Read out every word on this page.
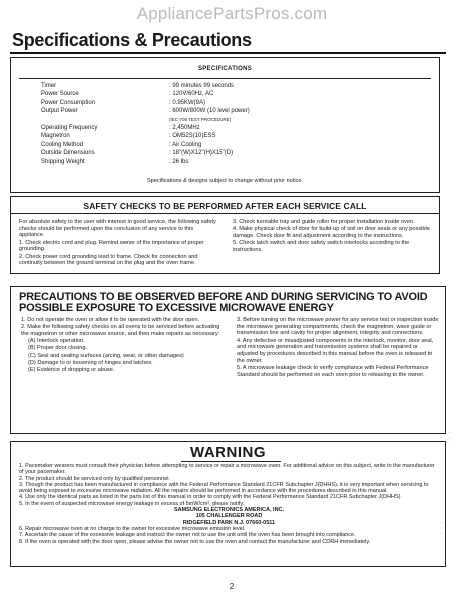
AppliancePartsPros.com
Specifications & Precautions
SPECIFICATIONS
Timer	: 99 minutes 99 seconds
Power Source	: 120V/60Hz, AC
Power Consumption	: 0.95KW(9A)
Output Power	: 600W/800W (10 level power)
(IEC-705 TEST PROCEDURE)
Operating Frequency	: 2,450MHz
Magnetron	: OM52S(10)ESS
Cooling Method	: Air Cooling
Outside Dimensions	: 18"(W)X12"(H)X15"(D)
Shipping Weight	: 26 lbs
Specifications & designs subject to change without prior notice.
SAFETY CHECKS TO BE PERFORMED AFTER EACH SERVICE CALL

For absolute safety to the user with interest in good service, the following safety checks should be performed upon the conclusion of any service to this appliance.

1. Check electric cord and plug. Remind owner of the importance of proper grounding.

2. Check power cord grounding lead to frame. Check for connection and continuity between the ground terminal on the plug and the oven frame.

3. Check turntable tray and guide roller for proper installation inside oven.

4. Make physical check of door for build-up of soil on door seals or any possible damage. Check door fit and adjustment according to the instructions.

5. Check latch switch and door safety switch interlocks according to the instructions.

PRECAUTIONS TO BE OBSERVED BEFORE AND DURING SERVICING TO AVOID POSSIBLE EXPOSURE TO EXCESSIVE MICROWAVE ENERGY

1. Do not operate the oven or allow it to be operated with the door open.

2. Make the following safety checks on all ovens to be serviced before activating the magnetron or other microwave source, and then make repairs as necessary:

(A) Interlock operation.

(B) Proper door closing.

(C) Seal and sealing surfaces (arcing, wear, or other damages)

(D) Damage to or loosening of hinges and latches.

(E) Evidence of dropping or abuse.

3. Before turning on the microwave power for any service test or inspection inside the microwave generating compartments, check the magnetron, wave guide or transmission line and cavity for proper alignment, integrity and connections.

4. Any defective or misadjusted components in the interlock, monitor, door seal, and microwave generation and transmission systems shall be repaired or adjusted by procedures described in this manual before the oven is released to the owner.

5. A microwave leakage check to verify compliance with Federal Performance Standard should be performed on each oven prior to releasing to the owner.

WARNING

1. Pacemaker wearers must consult their physician before attempting to service or repair a microwave oven. For additional advice on this subject, write to the manufacturer of your pacemaker.

2. The product should be serviced only by qualified personnel.

3. Though the product has been manufactured in compliance with the Federal Performance Standard 21CFR Subchapter J(DHHS), it is very important when servicing to avoid being exposed to excessive microwave radiation. All the repairs should be performed in accordance with the procedures described in this manual.

4. Use only the identical parts as listed in the parts list of this manual in order to comply with the Federal Performance Standard 21CFR Subchapter J(DHHS).

5. In the event of suspected microwave energy leakage in excess of 5mW/cm², please notify:

SAMSUNG ELECTRONICS AMERICA, INC.

105 CHALLENGER ROAD

RIDGEFIELD PARK N.J. 07660-0511

6. Repair microwave oven at no charge to the owner for excessive microwave emission level.

7. Ascertain the cause of the excessive leakage and instruct the owner not to use the unit until the oven has been brought into compliance.

8. If the oven is operated with the door open, please advise the owner not to use the oven and contact the manufacturer and CDRH immediately.

2
·:·
.·:
·.
·:·.
.·:·
:·.
